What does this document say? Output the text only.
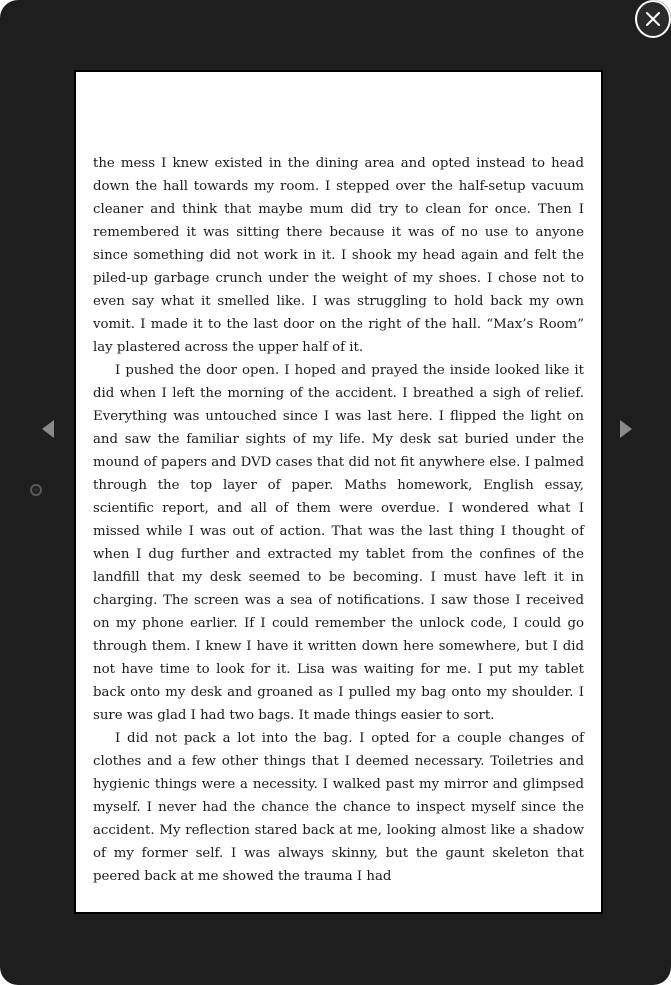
the mess I knew existed in the dining area and opted instead to head down the hall towards my room. I stepped over the half-setup vacuum cleaner and think that maybe mum did try to clean for once. Then I remembered it was sitting there because it was of no use to anyone since something did not work in it. I shook my head again and felt the piled-up garbage crunch under the weight of my shoes. I chose not to even say what it smelled like. I was struggling to hold back my own vomit. I made it to the last door on the right of the hall. “Max’s Room” lay plastered across the upper half of it.

I pushed the door open. I hoped and prayed the inside looked like it did when I left the morning of the accident. I breathed a sigh of relief. Everything was untouched since I was last here. I flipped the light on and saw the familiar sights of my life. My desk sat buried under the mound of papers and DVD cases that did not fit anywhere else. I palmed through the top layer of paper. Maths homework, English essay, scientific report, and all of them were overdue. I wondered what I missed while I was out of action. That was the last thing I thought of when I dug further and extracted my tablet from the confines of the landfill that my desk seemed to be becoming. I must have left it in charging. The screen was a sea of notifications. I saw those I received on my phone earlier. If I could remember the unlock code, I could go through them. I knew I have it written down here somewhere, but I did not have time to look for it. Lisa was waiting for me. I put my tablet back onto my desk and groaned as I pulled my bag onto my shoulder. I sure was glad I had two bags. It made things easier to sort.

I did not pack a lot into the bag. I opted for a couple changes of clothes and a few other things that I deemed necessary. Toiletries and hygienic things were a necessity. I walked past my mirror and glimpsed myself. I never had the chance the chance to inspect myself since the accident. My reflection stared back at me, looking almost like a shadow of my former self. I was always skinny, but the gaunt skeleton that peered back at me showed the trauma I had
